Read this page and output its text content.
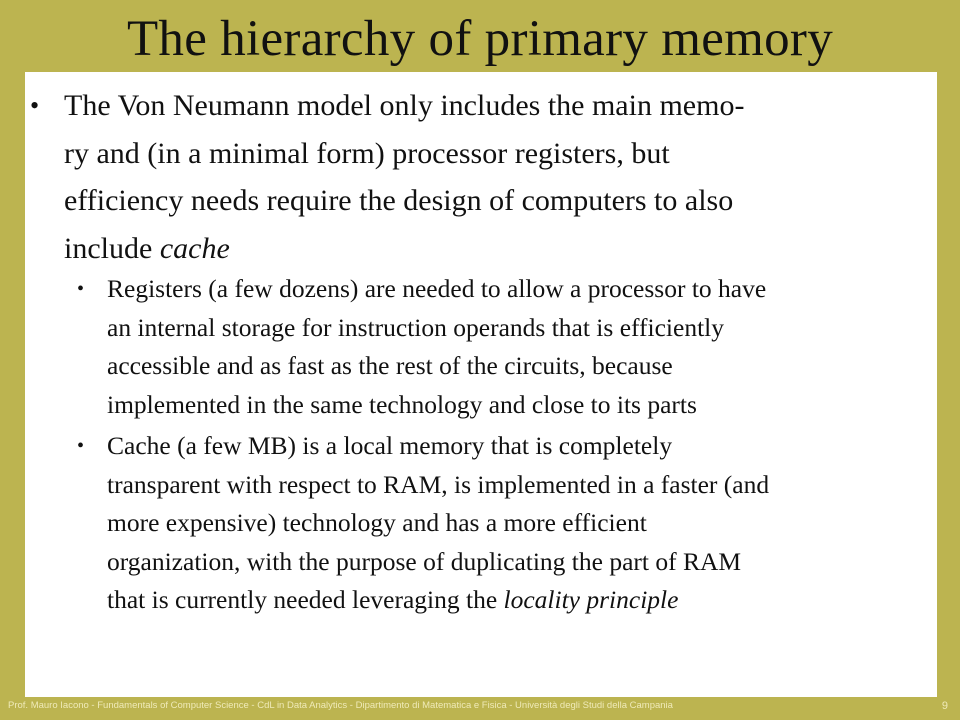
The hierarchy of primary memory
• The Von Neumann model only includes the main memo-
ry and (in a minimal form) processor registers, but
efficiency needs require the design of computers to also
include cache
• Registers (a few dozens) are needed to allow a processor to have
an internal storage for instruction operands that is efficiently
accessible and as fast as the rest of the circuits, because
implemented in the same technology and close to its parts
• Cache (a few MB) is a local memory that is completely
transparent with respect to RAM, is implemented in a faster (and
more expensive) technology and has a more efficient
organization, with the purpose of duplicating the part of RAM
that is currently needed leveraging the locality principle
Prof. Mauro Iacono - Fundamentals of Computer Science - CdL in Data Analytics - Dipartimento di Matematica e Fisica - Università degli Studi della Campania	9
